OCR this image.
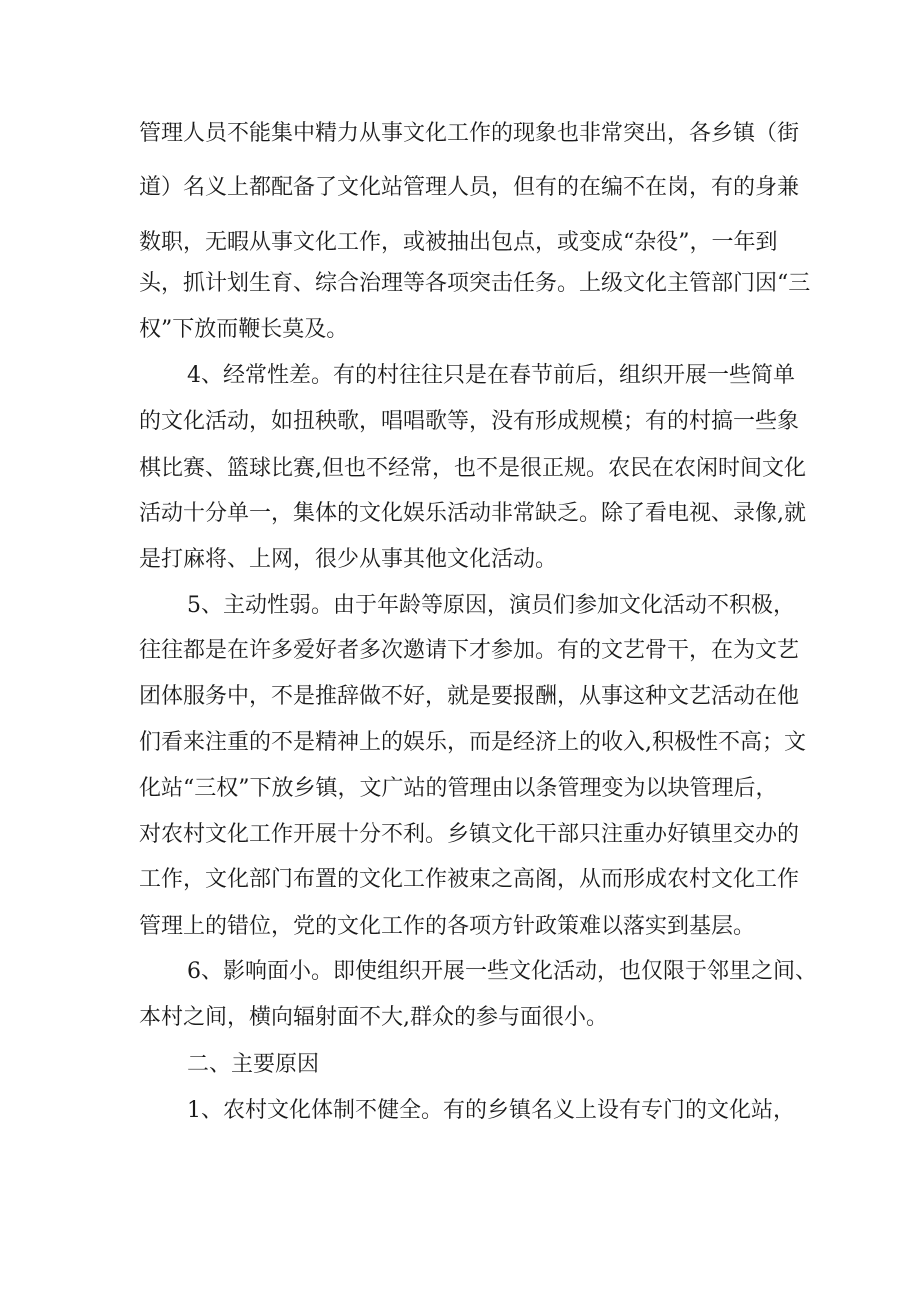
管理人员不能集中精力从事文化工作的现象也非常突出，各乡镇（街
道）名义上都配备了文化站管理人员，但有的在编不在岗，有的身兼
数职，无暇从事文化工作，或被抽出包点，或变成“杂役”，一年到
头，抓计划生育、综合治理等各项突击任务。上级文化主管部门因“三
权”下放而鞭长莫及。
4、经常性差。有的村往往只是在春节前后，组织开展一些简单
的文化活动，如扭秧歌，唱唱歌等，没有形成规模；有的村搞一些象
棋比赛、篮球比赛,但也不经常，也不是很正规。农民在农闲时间文化
活动十分单一，集体的文化娱乐活动非常缺乏。除了看电视、录像,就
是打麻将、上网，很少从事其他文化活动。
5、主动性弱。由于年龄等原因，演员们参加文化活动不积极，
往往都是在许多爱好者多次邀请下才参加。有的文艺骨干，在为文艺
团体服务中，不是推辞做不好，就是要报酬，从事这种文艺活动在他
们看来注重的不是精神上的娱乐，而是经济上的收入,积极性不高；文
化站“三权”下放乡镇，文广站的管理由以条管理变为以块管理后，
对农村文化工作开展十分不利。乡镇文化干部只注重办好镇里交办的
工作，文化部门布置的文化工作被束之高阁，从而形成农村文化工作
管理上的错位，党的文化工作的各项方针政策难以落实到基层。
6、影响面小。即使组织开展一些文化活动，也仅限于邻里之间、
本村之间，横向辐射面不大,群众的参与面很小。
二、主要原因
1、农村文化体制不健全。有的乡镇名义上设有专门的文化站，
